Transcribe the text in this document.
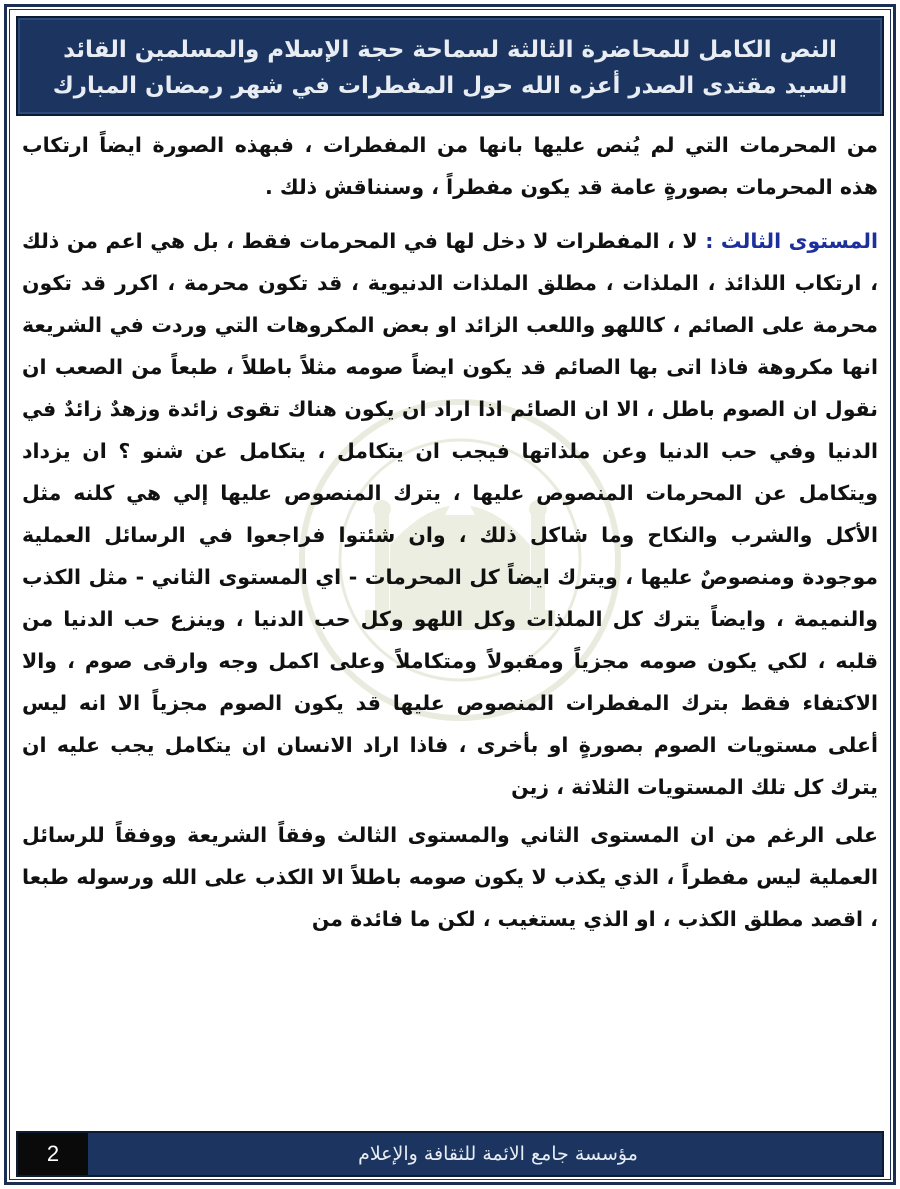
النص الكامل للمحاضرة الثالثة لسماحة حجة الإسلام والمسلمين القائد
السيد مقتدى الصدر أعزه الله حول المفطرات في شهر رمضان المبارك

من المحرمات التي لم يُنص عليها بانها من المفطرات ، فبهذه الصورة ايضاً ارتكاب هذه المحرمات بصورةٍ عامة قد يكون مفطراً ، وسنناقش ذلك .

المستوى الثالث : لا ، المفطرات لا دخل لها في المحرمات فقط ، بل هي اعم من ذلك ، ارتكاب اللذائذ ، الملذات ، مطلق الملذات الدنيوية ، قد تكون محرمة ، اكرر قد تكون محرمة على الصائم ، كاللهو واللعب الزائد او بعض المكروهات التي وردت في الشريعة انها مكروهة فاذا اتى بها الصائم قد يكون ايضاً صومه مثلاً باطلاً ، طبعاً من الصعب ان نقول ان الصوم باطل ، الا ان الصائم اذا اراد ان يكون هناك تقوى زائدة وزهدٌ زائدٌ في الدنيا وفي حب الدنيا وعن ملذاتها فيجب ان يتكامل ، يتكامل عن شنو ؟ ان يزداد ويتكامل عن المحرمات المنصوص عليها ، يترك المنصوص عليها إلي هي كلنه مثل الأكل والشرب والنكاح وما شاكل ذلك ، وان شئتوا فراجعوا في الرسائل العملية موجودة ومنصوصٌ عليها ، ويترك ايضاً كل المحرمات - اي المستوى الثاني - مثل الكذب والنميمة ، وايضاً يترك كل الملذات وكل اللهو وكل حب الدنيا ، وينزع حب الدنيا من قلبه ، لكي يكون صومه مجزياً ومقبولاً ومتكاملاً وعلى اكمل وجه وارقى صوم ، والا الاكتفاء فقط بترك المفطرات المنصوص عليها قد يكون الصوم مجزياً الا انه ليس أعلى مستويات الصوم بصورةٍ او بأخرى ، فاذا اراد الانسان ان يتكامل يجب عليه ان يترك كل تلك المستويات الثلاثة ، زين

على الرغم من ان المستوى الثاني والمستوى الثالث وفقاً الشريعة ووفقاً للرسائل العملية ليس مفطراً ، الذي يكذب لا يكون صومه باطلاً الا الكذب على الله ورسوله طبعا ، اقصد مطلق الكذب ، او الذي يستغيب ، لكن ما فائدة من

2	مؤسسة جامع الائمة للثقافة والإعلام
